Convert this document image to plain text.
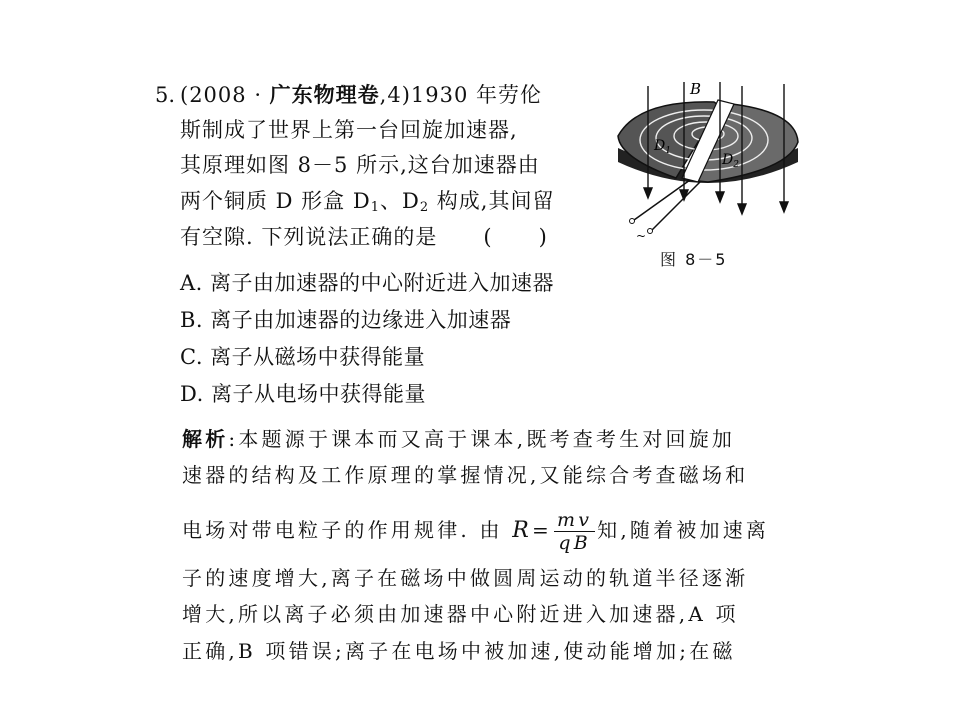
5. (2008 · 广东物理卷,4)1930 年劳伦
斯制成了世界上第一台回旋加速器,
其原理如图 8－5 所示,这台加速器由
两个铜质 D 形盒 $D_1$、$D_2$ 构成,其间留
有空隙. 下列说法正确的是 ( )
B
$D_1$
$D_2$
~
图 8－5
A. 离子由加速器的中心附近进入加速器
B. 离子由加速器的边缘进入加速器
C. 离子从磁场中获得能量
D. 离子从电场中获得能量
解析:本题源于课本而又高于课本,既考查考生对回旋加
速器的结构及工作原理的掌握情况,又能综合考查磁场和
电场对带电粒子的作用规律. 由 $R= \frac{mv}{qB}$ 知,随着被加速离
子的速度增大,离子在磁场中做圆周运动的轨道半径逐渐
增大,所以离子必须由加速器中心附近进入加速器,A 项
正确,B 项错误;离子在电场中被加速,使动能增加;在磁
